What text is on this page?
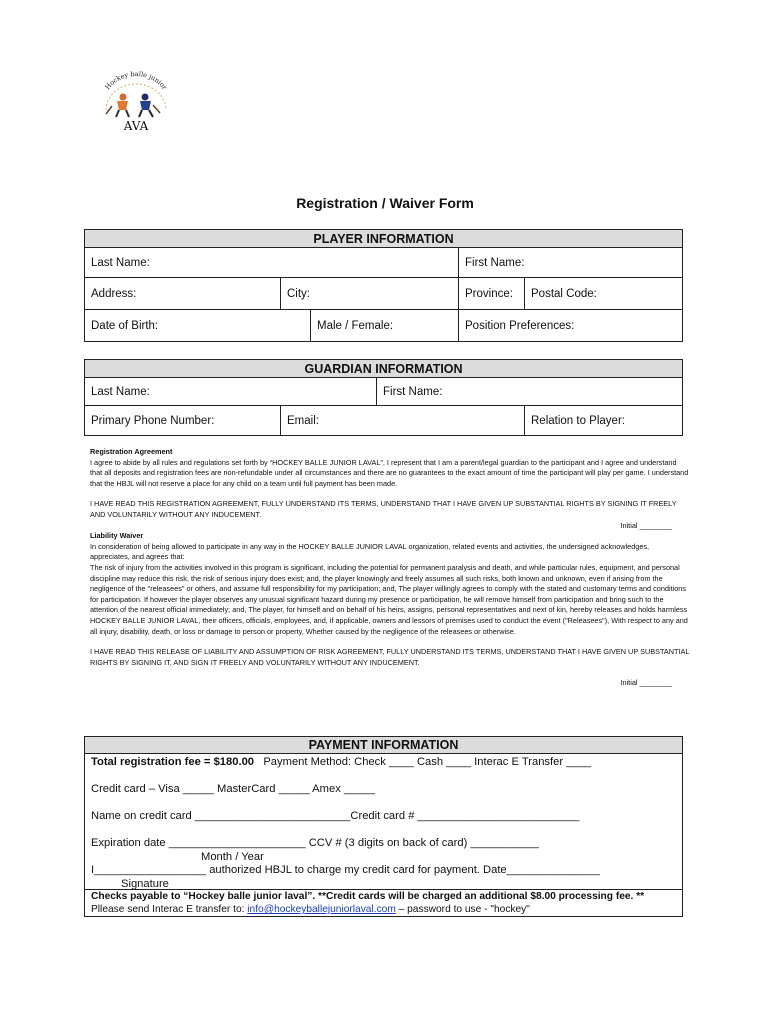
Hockey balle junior
AVA
Registration / Waiver Form
PLAYER INFORMATION				
Last Name:			First Name:	
Address:	City:		Province:	Postal Code:
Date of Birth:		Male / Female:	Position Preferences:	
GUARDIAN INFORMATION			
Last Name:		First Name:	
Primary Phone Number:	Email:		Relation to Player:

Registration Agreement

I agree to abide by all rules and regulations set forth by “HOCKEY BALLE JUNIOR LAVAL”, I represent that I am a parent/legal guardian to the participant and I agree and understand that all deposits and registration fees are non-refundable under all circumstances and there are no guarantees to the exact amount of time the participant will play per game. I understand that the HBJL will not reserve a place for any child on a team until full payment has been made.

I HAVE READ THIS REGISTRATION AGREEMENT, FULLY UNDERSTAND ITS TERMS, UNDERSTAND THAT I HAVE GIVEN UP SUBSTANTIAL RIGHTS BY SIGNING IT FREELY AND VOLUNTARILY WITHOUT ANY INDUCEMENT.

Initial ________

Liability Waiver

In consideration of being allowed to participate in any way in the HOCKEY BALLE JUNIOR LAVAL organization, related events and activities, the undersigned acknowledges, appreciates, and agrees that:

The risk of injury from the activities involved in this program is significant, including the potential for permanent paralysis and death, and while particular rules, equipment, and personal discipline may reduce this risk, the risk of serious injury does exist; and, the player knowingly and freely assumes all such risks, both known and unknown, even if arising from the negligence of the "releasees" or others, and assume full responsibility for my participation; and, The player willingly agrees to comply with the stated and customary terms and conditions for participation. If however the player observes any unusual significant hazard during my presence or participation, he will remove himself from participation and bring such to the attention of the nearest official immediately; and, The player, for himself and on behalf of his heirs, assigns, personal representatives and next of kin, hereby releases and holds harmless HOCKEY BALLE JUNIOR LAVAL, their officers, officials, employees, and, if applicable, owners and lessors of premises used to conduct the event ("Releasees"), With respect to any and all injury, disability, death, or loss or damage to person or property, Whether caused by the negligence of the releasees or otherwise.

I HAVE READ THIS RELEASE OF LIABILITY AND ASSUMPTION OF RISK AGREEMENT, FULLY UNDERSTAND ITS TERMS, UNDERSTAND THAT I HAVE GIVEN UP SUBSTANTIAL RIGHTS BY SIGNING IT, AND SIGN IT FREELY AND VOLUNTARILY WITHOUT ANY INDUCEMENT.

Initial ________

PAYMENT INFORMATION
Total registration fee = $180.00 Payment Method: Check ____ Cash ____ Interac E Transfer ____
Credit card – Visa _____ MasterCard _____ Amex _____
Name on credit card _________________________Credit card # __________________________
Expiration date ______________________ CCV # (3 digits on back of card) ___________
Month / Year
I__________________ authorized HBJL to charge my credit card for payment. Date_______________
Signature
Checks payable to “Hockey balle junior laval”. **Credit cards will be charged an additional $8.00 processing fee. **
Pllease send Interac E transfer to: info@hockeyballejuniorlaval.com – password to use - "hockey"
